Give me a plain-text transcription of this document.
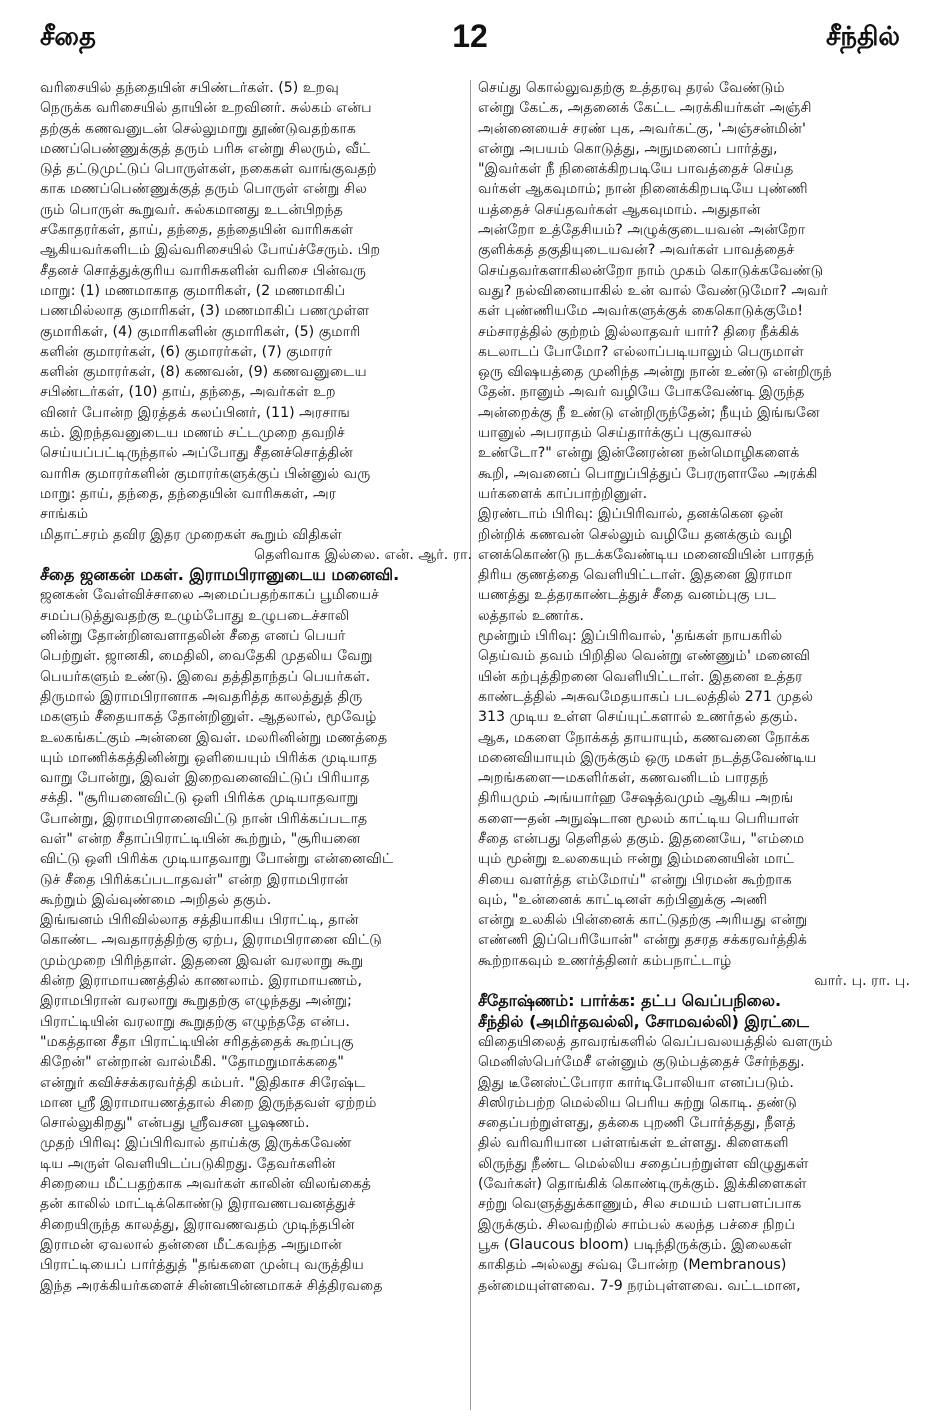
சீதை	12	சீந்தில்
வரிசையில் தந்தையின் சபிண்டர்கள். (5) உறவு
நெருக்க வரிசையில் தாயின் உறவினர். சுல்கம் என்ப
தற்குக் கணவனுடன் செல்லுமாறு தூண்டுவதற்காக
மணப்பெண்ணுக்குத் தரும் பரிசு என்று சிலரும், வீட்
டுத் தட்டுமுட்டுப் பொருள்கள், நகைகள் வாங்குவதற்
காக மணப்பெண்ணுக்குத் தரும் பொருள் என்று சில
ரும் பொருள் கூறுவர். சுல்கமானது உடன்பிறந்த
சகோதரர்கள், தாய், தந்தை, தந்தையின் வாரிசுகள்
ஆகியவர்களிடம் இவ்வரிசையில் போய்ச்சேரும். பிற
சீதனச் சொத்துக்குரிய வாரிசுகளின் வரிசை பின்வரு
மாறு: (1) மணமாகாத குமாரிகள், (2 மணமாகிப்
பணமில்லாத குமாரிகள், (3) மணமாகிப் பணமுள்ள
குமாரிகள், (4) குமாரிகளின் குமாரிகள், (5) குமாரி
களின் குமாரர்கள், (6) குமாரர்கள், (7) குமாரர்
களின் குமாரர்கள், (8) கணவன், (9) கணவனுடைய
சபிண்டர்கள், (10) தாய், தந்தை, அவர்கள் உற
வினர் போன்ற இரத்தக் கலப்பினர், (11) அரசாங
கம். இறந்தவனுடைய மணம் சட்டமுறை தவறிச்
செய்யப்பட்டிருந்தால் அப்போது சீதனச்சொத்தின்
வாரிசு குமாரர்களின் குமாரர்களுக்குப் பின்னுல் வரு
மாறு: தாய், தந்தை, தந்தையின் வாரிசுகள், அர
சாங்கம்
மிதாட்சரம் தவிர இதர முறைகள் கூறும் விதிகள்
தெளிவாக இல்லை. என். ஆர். ரா.
சீதை ஜனகன் மகள். இராமபிரானுடைய மனைவி.
ஜனகன் வேள்விச்சாலை அமைப்பதற்காகப் பூமியைச்
சமப்படுத்துவதற்கு உழும்போது உழுபடைச்சாலி
னின்று தோன்றினவளாதலின் சீதை எனப் பெயர்
பெற்றுள். ஜானகி, மைதிலி, வைதேகி முதலிய வேறு
பெயர்களும் உண்டு. இவை தத்திதாந்தப் பெயர்கள்.
திருமால் இராமபிரானாக அவதரித்த காலத்துத் திரு
மகளும் சீதையாகத் தோன்றினுள். ஆதலால், மூவேழ்
உலகங்கட்கும் அன்னை இவள். மலரினின்று மணத்தை
யும் மாணிக்கத்தினின்று ஒளியையும் பிரிக்க முடியாத
வாறு போன்று, இவள் இறைவனைவிட்டுப் பிரியாத
சக்தி. "சூரியனைவிட்டு ஒளி பிரிக்க முடியாதவாறு
போன்று, இராமபிரானைவிட்டு நான் பிரிக்கப்படாத
வள்" என்ற சீதாப்பிராட்டியின் கூற்றும், "சூரியனை
விட்டு ஒளி பிரிக்க முடியாதவாறு போன்று என்னைவிட்
டுச் சீதை பிரிக்கப்படாதவள்" என்ற இராமபிரான்
கூற்றும் இவ்வுண்மை அறிதல் தகும்.
இங்ஙனம் பிரிவில்லாத சத்தியாகிய பிராட்டி, தான்
கொண்ட அவதாரத்திற்கு ஏற்ப, இராமபிரானை விட்டு
மும்முறை பிரிந்தாள். இதனை இவள் வரலாறு கூறு
கின்ற இராமாயணத்தில் காணலாம். இராமாயணம்,
இராமபிரான் வரலாறு கூறுதற்கு எழுந்தது அன்று;
பிராட்டியின் வரலாறு கூறுதற்கு எழுந்ததே என்ப.
"மகத்தான சீதா பிராட்டியின் சரிதத்தைக் கூறப்புகு
கிறேன்" என்றான் வால்மீகி. "தோமறுமாக்கதை"
என்றுர் கவிச்சக்கரவர்த்தி கம்பர். "இதிகாச சிரேஷ்ட
மான ஸ்ரீ இராமாயணத்தால் சிறை இருந்தவள் ஏற்றம்
சொல்லுகிறது" என்பது ஸ்ரீவசன பூஷணம்.
முதற் பிரிவு: இப்பிரிவால் தாய்க்கு இருக்கவேண்
டிய அருள் வெளியிடப்படுகிறது. தேவர்களின்
சிறையை மீட்பதற்காக அவர்கள் காலின் விலங்கைத்
தன் காலில் மாட்டிக்கொண்டு இராவணபவனத்துச்
சிறையிருந்த காலத்து, இராவணவதம் முடிந்தபின்
இராமன் ஏவலால் தன்னை மீட்கவந்த அநுமான்
பிராட்டியைப் பார்த்துத் "தங்களை முன்பு வருத்திய
இந்த அரக்கியர்களைச் சின்னபின்னமாகச் சித்திரவதை
செய்து கொல்லுவதற்கு உத்தரவு தரல் வேண்டும்
என்று கேட்க, அதனைக் கேட்ட அரக்கியர்கள் அஞ்சி
அன்னையைச் சரண் புக, அவர்கட்கு, 'அஞ்சன்மின்'
என்று அபயம் கொடுத்து, அநுமனைப் பார்த்து,
"இவர்கள் நீ நினைக்கிறபடியே பாவத்தைச் செய்த
வர்கள் ஆகவுமாம்; நான் நினைக்கிறபடியே புண்ணி
யத்தைச் செய்தவர்கள் ஆகவுமாம். அதுதான்
அன்றோ உத்தேசியம்? அழுக்குடையவன் அன்றோ
குளிக்கத் தகுதியுடையவன்? அவர்கள் பாவத்தைச்
செய்தவர்களாகிலன்றோ நாம் முகம் கொடுக்கவேண்டு
வது? நல்வினையாகில் உன் வால் வேண்டுமோ? அவர்
கள் புண்ணியமே அவர்களுக்குக் கைகொடுக்குமே!
சம்சாரத்தில் குற்றம் இல்லாதவர் யார்? திரை நீக்கிக்
கடலாடப் போமோ? எல்லாப்படியாலும் பெருமாள்
ஒரு விஷயத்தை முனிந்த அன்று நான் உண்டு என்றிருந்
தேன். நானும் அவர் வழியே போகவேண்டி இருந்த
அன்றைக்கு நீ உண்டு என்றிருந்தேன்; நீயும் இங்ஙனே
யானுல் அபராதம் செய்தார்க்குப் புகுவாசல்
உண்டோ?" என்று இன்னேரன்ன நன்மொழிகளைக்
கூறி, அவனைப் பொறுப்பித்துப் பேரருளாலே அரக்கி
யர்களைக் காப்பாற்றினுள்.
இரண்டாம் பிரிவு: இப்பிரிவால், தனக்கென ஒன்
றின்றிக் கணவன் செல்லும் வழியே தனக்கும் வழி
எனக்கொண்டு நடக்கவேண்டிய மனைவியின் பாரதந்
திரிய குணத்தை வெளியிட்டாள். இதனை இராமா
யணத்து உத்தரகாண்டத்துச் சீதை வனம்புகு பட
லத்தால் உணர்க.
மூன்றும் பிரிவு: இப்பிரிவால், 'தங்கள் நாயகரில்
தெய்வம் தவம் பிறிதில வென்று எண்ணும்' மனைவி
யின் கற்புத்திறனை வெளியிட்டாள். இதனை உத்தர
காண்டத்தில் அசுவமேதயாகப் படலத்தில் 271 முதல்
313 முடிய உள்ள செய்யுட்களால் உணர்தல் தகும்.
ஆக, மகளை நோக்கத் தாயாயும், கணவனை நோக்க
மனைவியாயும் இருக்கும் ஒரு மகள் நடத்தவேண்டிய
அறங்களை—மகளிர்கள், கணவனிடம் பாரதந்
திரியமும் அங்யார்ஹ சேஷத்வமும் ஆகிய அறங்
களை—தன் அநுஷ்டான மூலம் காட்டிய பெரியாள்
சீதை என்பது தெளிதல் தகும். இதனையே, "எம்மை
யும் மூன்று உலகையும் ஈன்று இம்மனையின் மாட்
சியை வளர்த்த எம்மோய்" என்று பிரமன் கூற்றாக
வும், "உன்னைக் காட்டினள் கற்பினுக்கு அணி
என்று உலகில் பின்னைக் காட்டுதற்கு அரியது என்று
எண்ணி இப்பெரியோன்" என்று தசரத சக்கரவர்த்திக்
கூற்றாகவும் உணர்த்தினர் கம்பநாட்டாழ்
வார். பு. ரா. பு.
சீதோஷ்ணம்: பார்க்க: தட்ப வெப்பநிலை.
சீந்தில் (அமிர்தவல்லி, சோமவல்லி) இரட்டை
விதையிலைத் தாவரங்களில் வெப்பவலயத்தில் வளரும்
மெனிஸ்பெர்மேசீ என்னும் குடும்பத்தைச் சேர்ந்தது.
இது டீனேஸ்ட்போரா கார்டிபோலியா எனப்படும்.
சிஸிரம்பற்ற மெல்லிய பெரிய சுற்று கொடி. தண்டு
சதைப்பற்றுள்ளது, தக்கை புறணி போர்த்தது, நீளத்
தில் வரிவரியான பள்ளங்கள் உள்ளது. கிளைகளி
லிருந்து நீண்ட மெல்லிய சதைப்பற்றுள்ள விழுதுகள்
(வேர்கள்) தொங்கிக் கொண்டிருக்கும். இக்கிளைகள்
சற்று வெளுத்துக்காணும், சில சமயம் பளபளப்பாக
இருக்கும். சிலவற்றில் சாம்பல் கலந்த பச்சை நிறப்
பூசு (Glaucous bloom) படிந்திருக்கும். இலைகள்
காகிதம் அல்லது சவ்வு போன்ற (Membranous)
தன்மையுள்ளவை. 7-9 நரம்புள்ளவை. வட்டமான,
